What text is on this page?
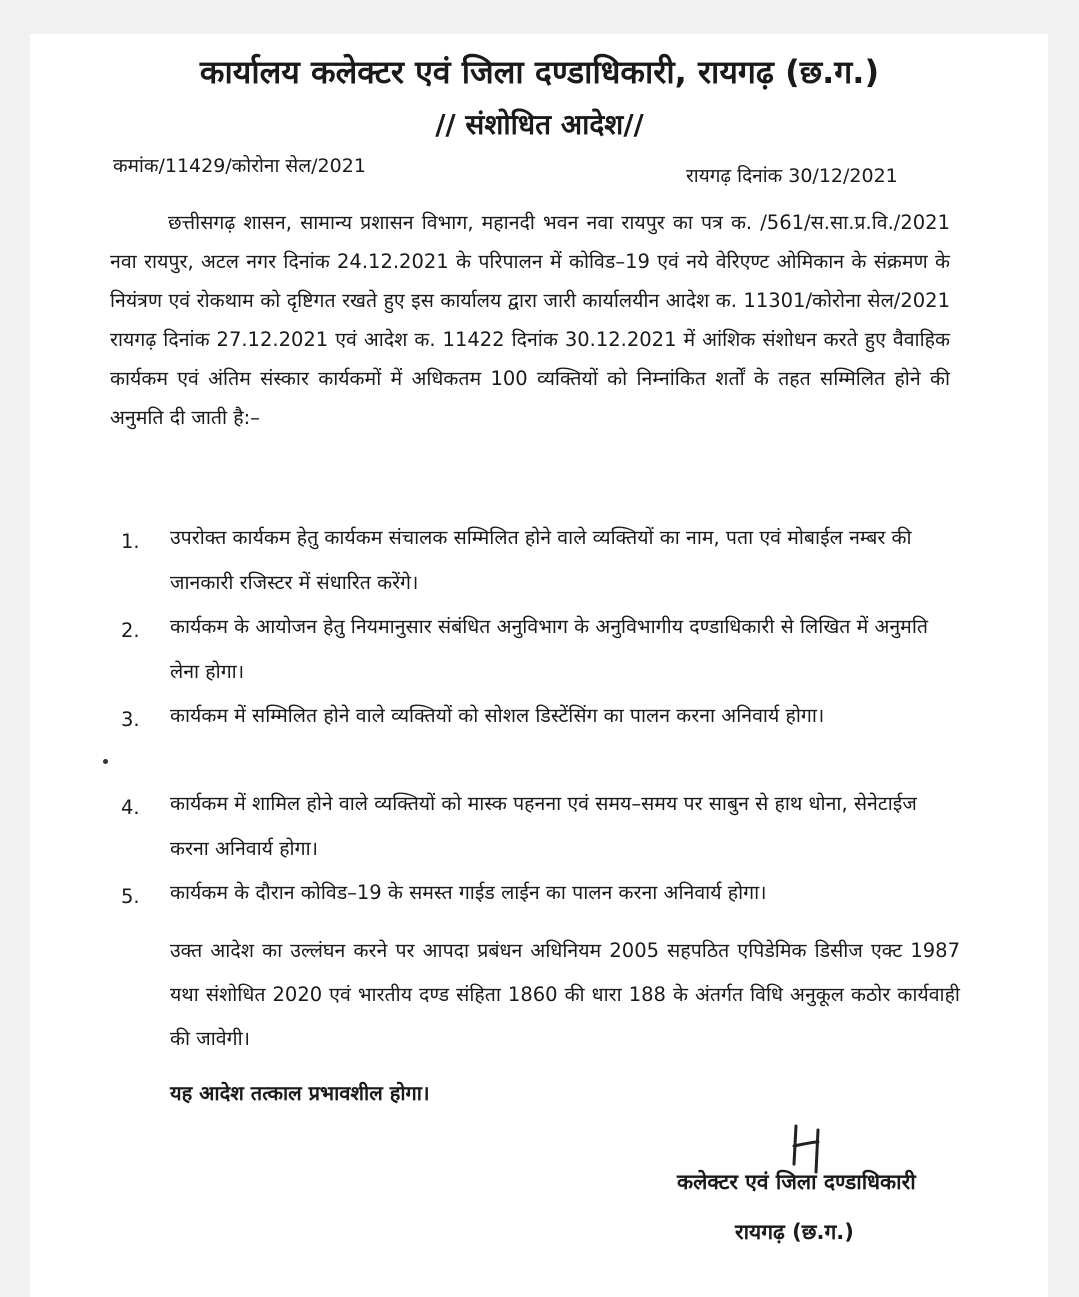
कार्यालय कलेक्टर एवं जिला दण्डाधिकारी, रायगढ़ (छ.ग.)
// संशोधित आदेश//
कमांक/11429/कोरोना सेल/2021	रायगढ़ दिनांक 30/12/2021
छत्तीसगढ़ शासन, सामान्य प्रशासन विभाग, महानदी भवन नवा रायपुर का पत्र क. /561/स.सा.प्र.वि./2021 नवा रायपुर, अटल नगर दिनांक 24.12.2021 के परिपालन में कोविड–19 एवं नये वेरिएण्ट ओमिकान के संक्रमण के नियंत्रण एवं रोकथाम को दृष्टिगत रखते हुए इस कार्यालय द्वारा जारी कार्यालयीन आदेश क. 11301/कोरोना सेल/2021 रायगढ़ दिनांक 27.12.2021 एवं आदेश क. 11422 दिनांक 30.12.2021 में आंशिक संशोधन करते हुए वैवाहिक कार्यकम एवं अंतिम संस्कार कार्यकमों में अधिकतम 100 व्यक्तियों को निम्नांकित शर्तों के तहत सम्मिलित होने की अनुमति दी जाती है:–
1. उपरोक्त कार्यकम हेतु कार्यकम संचालक सम्मिलित होने वाले व्यक्तियों का नाम, पता एवं मोबाईल नम्बर की जानकारी रजिस्टर में संधारित करेंगे।
2. कार्यकम के आयोजन हेतु नियमानुसार संबंधित अनुविभाग के अनुविभागीय दण्डाधिकारी से लिखित में अनुमति लेना होगा।
3. कार्यकम में सम्मिलित होने वाले व्यक्तियों को सोशल डिस्टेंसिंग का पालन करना अनिवार्य होगा।
4. कार्यकम में शामिल होने वाले व्यक्तियों को मास्क पहनना एवं समय–समय पर साबुन से हाथ धोना, सेनेटाईज करना अनिवार्य होगा।
5. कार्यकम के दौरान कोविड–19 के समस्त गाईड लाईन का पालन करना अनिवार्य होगा।
उक्त आदेश का उल्लंघन करने पर आपदा प्रबंधन अधिनियम 2005 सहपठित एपिडेमिक डिसीज एक्ट 1987 यथा संशोधित 2020 एवं भारतीय दण्ड संहिता 1860 की धारा 188 के अंतर्गत विधि अनुकूल कठोर कार्यवाही की जावेगी।
यह आदेश तत्काल प्रभावशील होगा।
कलेक्टर एवं जिला दण्डाधिकारी
रायगढ़ (छ.ग.)
